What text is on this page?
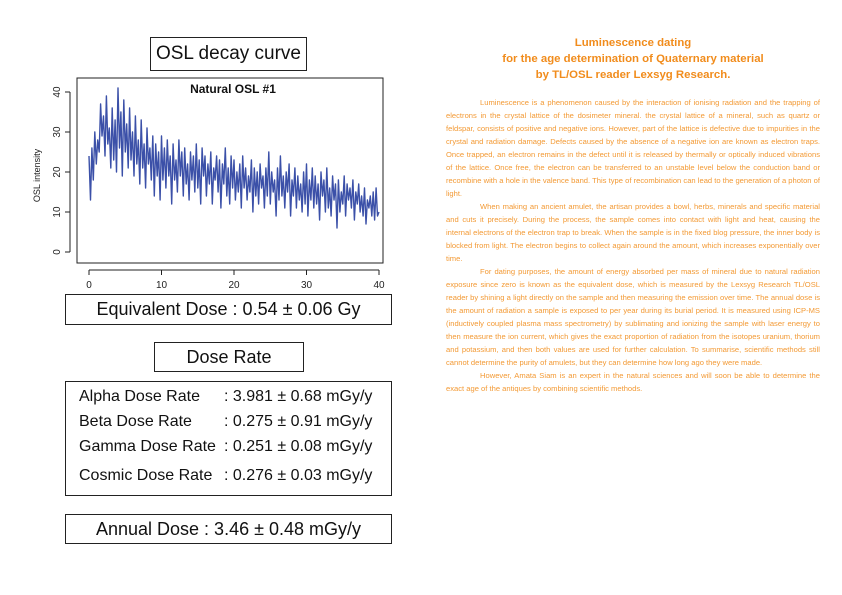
OSL decay curve
0	10	20	30	40
0
10
20
30
40	Natural OSL #1
OSL intensity
Equivalent Dose : 0.54 ± 0.06 Gy
Dose Rate
Alpha Dose Rate : 3.981 ± 0.68 mGy/y
Beta Dose Rate : 0.275 ± 0.91 mGy/y
Gamma Dose Rate : 0.251 ± 0.08 mGy/y
Cosmic Dose Rate : 0.276 ± 0.03 mGy/y
Annual Dose : 3.46 ± 0.48 mGy/y
Luminescence dating
for the age determination of Quaternary material
by TL/OSL reader Lexsyg Research.

Luminescence is a phenomenon caused by the interaction of ionising radiation and the trapping of electrons in the crystal lattice of the dosimeter mineral. the crystal lattice of a mineral, such as quartz or feldspar, consists of positive and negative ions. However, part of the lattice is defective due to impurities in the crystal and radiation damage. Defects caused by the absence of a negative ion are known as electron traps. Once trapped, an electron remains in the defect until it is released by thermally or optically induced vibrations of the lattice. Once free, the electron can be transferred to an unstable level below the conduction band or recombine with a hole in the valence band. This type of recombination can lead to the generation of a photon of light.

When making an ancient amulet, the artisan provides a bowl, herbs, minerals and specific material and cuts it precisely. During the process, the sample comes into contact with light and heat, causing the internal electrons of the electron trap to break. When the sample is in the fixed blog pressure, the inner body is blocked from light. The electron begins to collect again around the amount, which increases exponentially over time.

For dating purposes, the amount of energy absorbed per mass of mineral due to natural radiation exposure since zero is known as the equivalent dose, which is measured by the Lexsyg Research TL/OSL reader by shining a light directly on the sample and then measuring the emission over time. The annual dose is the amount of radiation a sample is exposed to per year during its burial period. It is measured using ICP-MS (inductively coupled plasma mass spectrometry) by sublimating and ionizing the sample with laser energy to then measure the ion current, which gives the exact proportion of radiation from the isotopes uranium, thorium and potassium, and then both values are used for further calculation. To summarise, scientific methods still cannot determine the purity of amulets, but they can determine how long ago they were made.

However, Amata Siam is an expert in the natural sciences and will soon be able to determine the exact age of the antiques by combining scientific methods.
